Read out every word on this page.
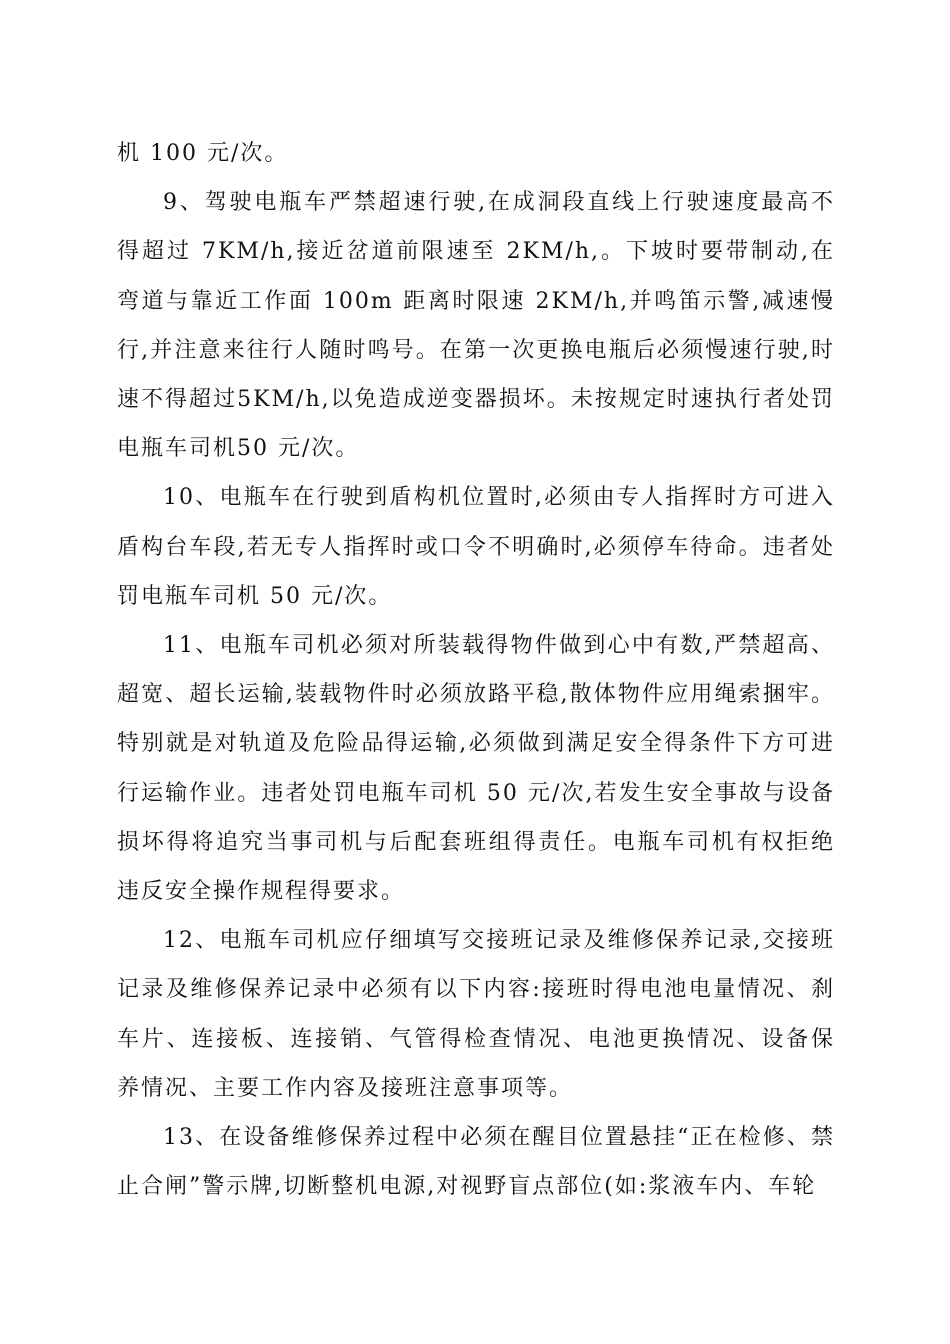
机 100 元/次。

9、驾驶电瓶车严禁超速行驶,在成洞段直线上行驶速度最高不得超过 7KM/h,接近岔道前限速至 2KM/h,。下坡时要带制动,在弯道与靠近工作面 100m 距离时限速 2KM/h,并鸣笛示警,减速慢行,并注意来往行人随时鸣号。在第一次更换电瓶后必须慢速行驶,时速不得超过5KM/h,以免造成逆变器损坏。未按规定时速执行者处罚电瓶车司机50 元/次。

10、电瓶车在行驶到盾构机位置时,必须由专人指挥时方可进入盾构台车段,若无专人指挥时或口令不明确时,必须停车待命。违者处罚电瓶车司机 50 元/次。

11、电瓶车司机必须对所装载得物件做到心中有数,严禁超高、超宽、超长运输,装载物件时必须放路平稳,散体物件应用绳索捆牢。特别就是对轨道及危险品得运输,必须做到满足安全得条件下方可进行运输作业。违者处罚电瓶车司机 50 元/次,若发生安全事故与设备损坏得将追究当事司机与后配套班组得责任。电瓶车司机有权拒绝违反安全操作规程得要求。

12、电瓶车司机应仔细填写交接班记录及维修保养记录,交接班记录及维修保养记录中必须有以下内容:接班时得电池电量情况、刹车片、连接板、连接销、气管得检查情况、电池更换情况、设备保养情况、主要工作内容及接班注意事项等。

13、在设备维修保养过程中必须在醒目位置悬挂“正在检修、禁止合闸”警示牌,切断整机电源,对视野盲点部位(如:浆液车内、车轮
